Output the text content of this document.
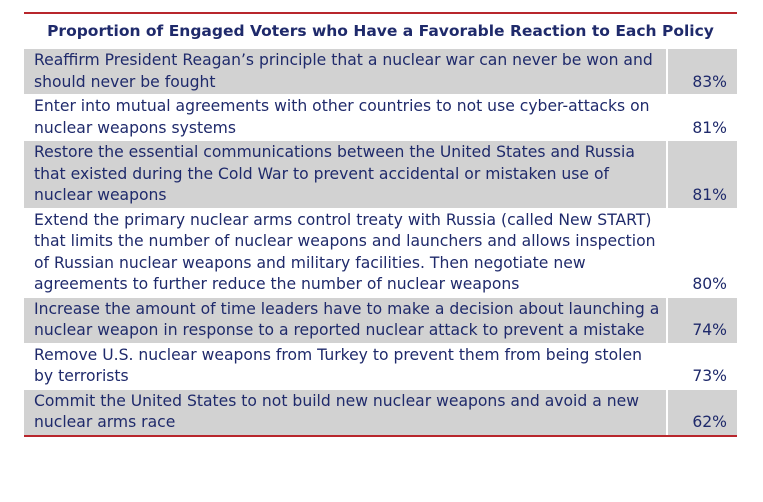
Proportion of Engaged Voters who Have a Favorable Reaction to Each Policy
Reaffirm President Reagan’s principle that a nuclear war can never be won and should never be fought	83%
Enter into mutual agreements with other countries to not use cyber-attacks on nuclear weapons systems	81%
Restore the essential communications between the United States and Russia that existed during the Cold War to prevent accidental or mistaken use of nuclear weapons	81%
Extend the primary nuclear arms control treaty with Russia (called New START) that limits the number of nuclear weapons and launchers and allows inspection of Russian nuclear weapons and military facilities. Then negotiate new agreements to further reduce the number of nuclear weapons	80%
Increase the amount of time leaders have to make a decision about launching a nuclear weapon in response to a reported nuclear attack to prevent a mistake	74%
Remove U.S. nuclear weapons from Turkey to prevent them from being stolen by terrorists	73%
Commit the United States to not build new nuclear weapons and avoid a new nuclear arms race	62%
